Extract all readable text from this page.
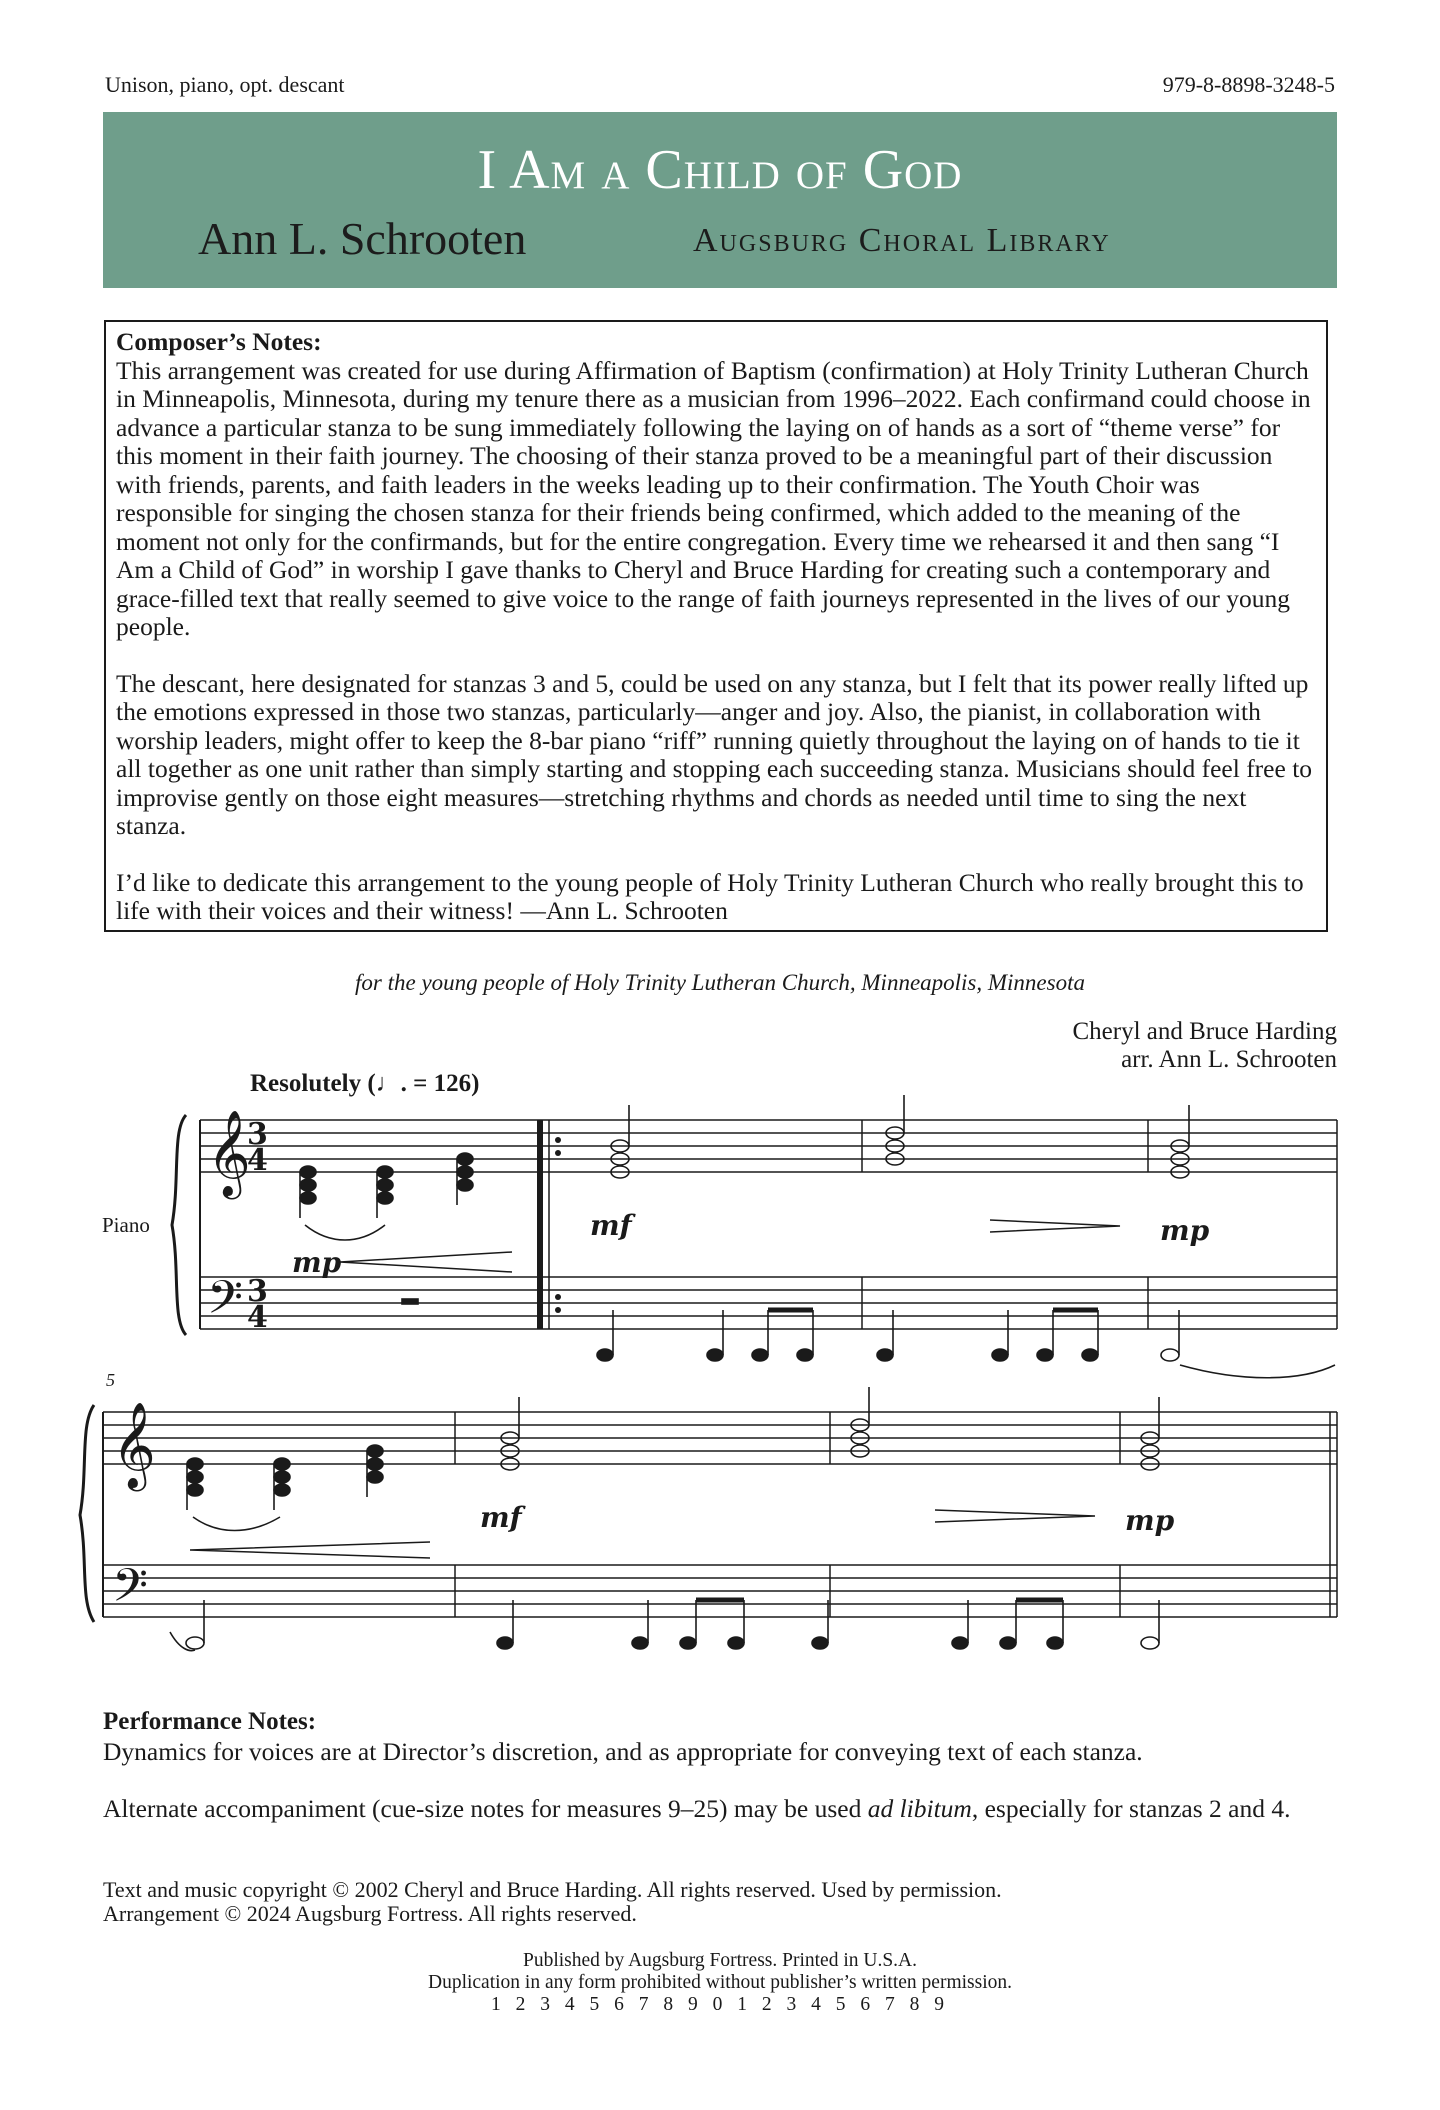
Unison, piano, opt. descant	979-8-8898-3248-5
I Am a Child of God
Ann L. Schrooten	Augsburg Choral Library
Composer’s Notes:

This arrangement was created for use during Affirmation of Baptism (confirmation) at Holy Trinity Lutheran Church in Minneapolis, Minnesota, during my tenure there as a musician from 1996–2022. Each confirmand could choose in advance a particular stanza to be sung immediately following the laying on of hands as a sort of “theme verse” for this moment in their faith journey. The choosing of their stanza proved to be a meaningful part of their discussion with friends, parents, and faith leaders in the weeks leading up to their confirmation. The Youth Choir was responsible for singing the chosen stanza for their friends being confirmed, which added to the meaning of the moment not only for the confirmands, but for the entire congregation. Every time we rehearsed it and then sang “I Am a Child of God” in worship I gave thanks to Cheryl and Bruce Harding for creating such a contemporary and grace-filled text that really seemed to give voice to the range of faith journeys represented in the lives of our young people.

The descant, here designated for stanzas 3 and 5, could be used on any stanza, but I felt that its power really lifted up the emotions expressed in those two stanzas, particularly—anger and joy. Also, the pianist, in collaboration with worship leaders, might offer to keep the 8-bar piano “riff” running quietly throughout the laying on of hands to tie it all together as one unit rather than simply starting and stopping each succeeding stanza. Musicians should feel free to improvise gently on those eight measures—stretching rhythms and chords as needed until time to sing the next stanza.

I’d like to dedicate this arrangement to the young people of Holy Trinity Lutheran Church who really brought this to life with their voices and their witness! —Ann L. Schrooten

for the young people of Holy Trinity Lutheran Church, Minneapolis, Minnesota
Cheryl and Bruce Harding
arr. Ann L. Schrooten
Resolutely (♩. = 126)
Piano
5
𝄞
𝄢
𝄞
𝄢
3
4
3
4
mp
mf	mp
mf	mp
Performance Notes:
Dynamics for voices are at Director’s discretion, and as appropriate for conveying text of each stanza.
Alternate accompaniment (cue-size notes for measures 9–25) may be used ad libitum, especially for stanzas 2 and 4.
Text and music copyright © 2002 Cheryl and Bruce Harding. All rights reserved. Used by permission.
Arrangement © 2024 Augsburg Fortress. All rights reserved.
Published by Augsburg Fortress. Printed in U.S.A.
Duplication in any form prohibited without publisher’s written permission.
1 2 3 4 5 6 7 8 9 0 1 2 3 4 5 6 7 8 9
